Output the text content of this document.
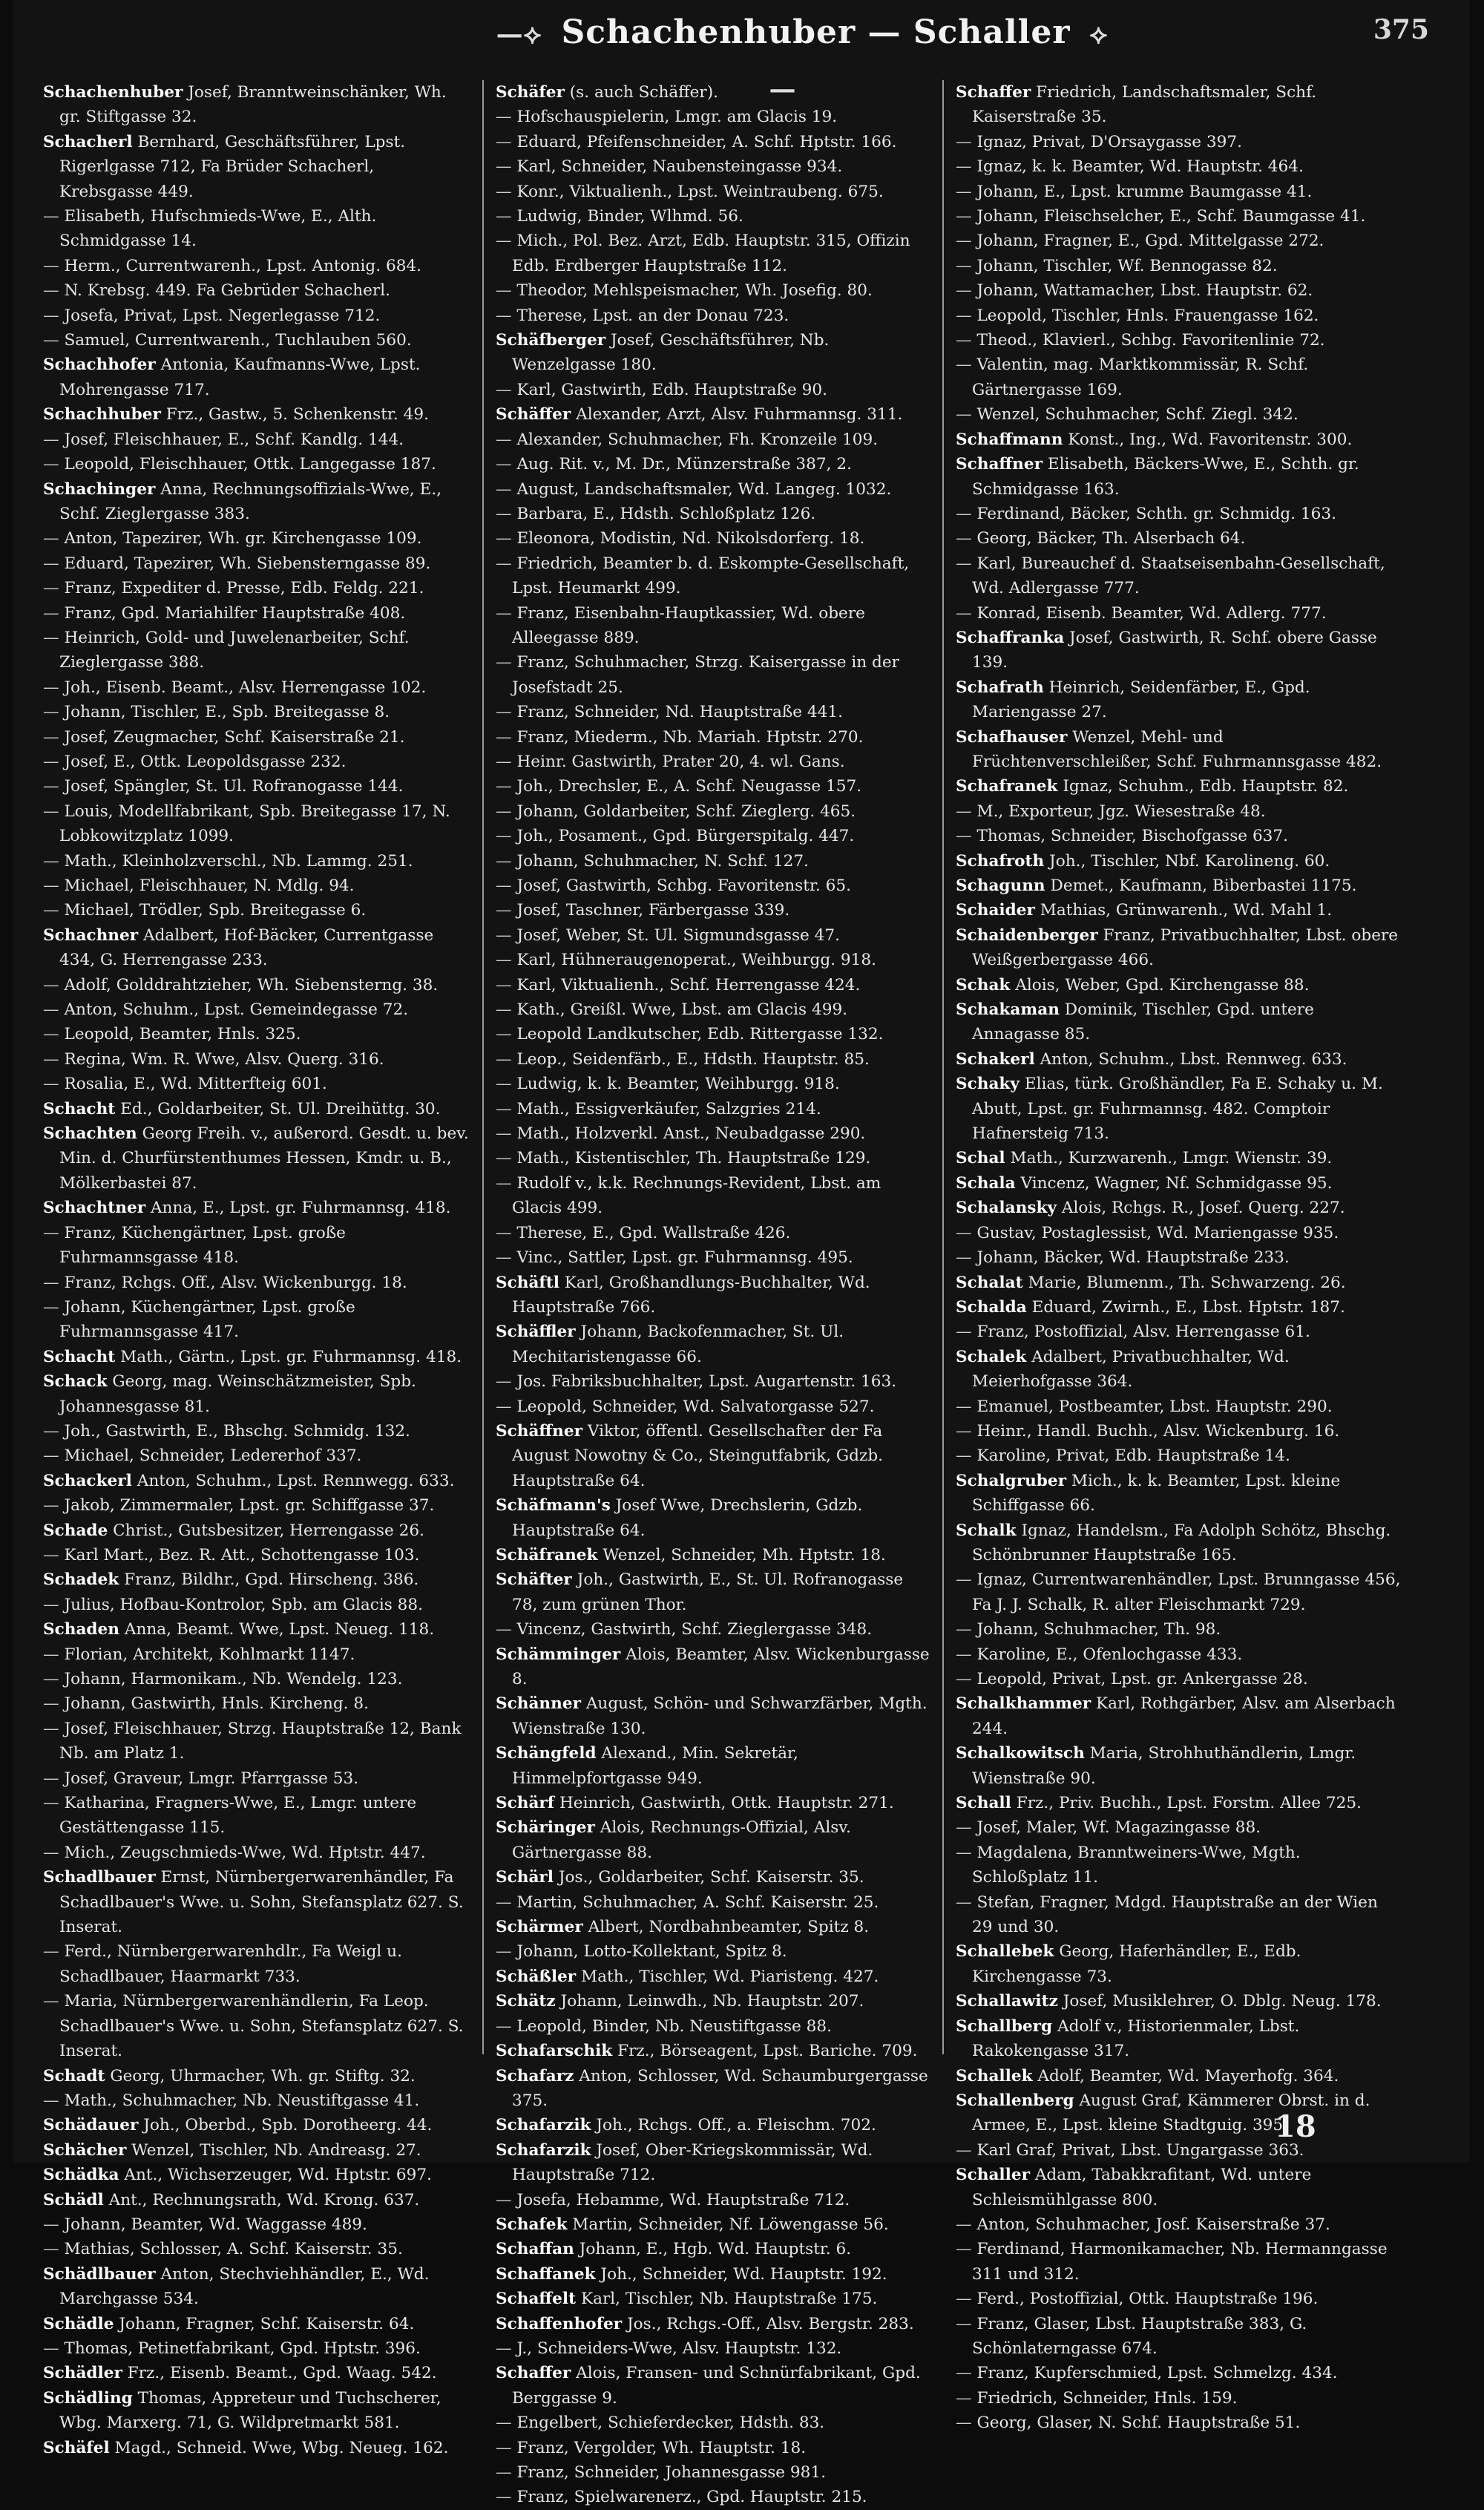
—⟡ Schachenhuber — Schaller ⟡—
375

Schachenhuber Josef, Branntweinschänker, Wh. gr. Stiftgasse 32.

Schacherl Bernhard, Geschäftsführer, Lpst. Rigerlgasse 712, Fa Brüder Schacherl, Krebsgasse 449.

— Elisabeth, Hufschmieds-Wwe, E., Alth. Schmidgasse 14.

— Herm., Currentwarenh., Lpst. Antonig. 684.

— N. Krebsg. 449. Fa Gebrüder Schacherl.

— Josefa, Privat, Lpst. Negerlegasse 712.

— Samuel, Currentwarenh., Tuchlauben 560.

Schachhofer Antonia, Kaufmanns-Wwe, Lpst. Mohrengasse 717.

Schachhuber Frz., Gastw., 5. Schenkenstr. 49.

— Josef, Fleischhauer, E., Schf. Kandlg. 144.

— Leopold, Fleischhauer, Ottk. Langegasse 187.

Schachinger Anna, Rechnungsoffizials-Wwe, E., Schf. Zieglergasse 383.

— Anton, Tapezirer, Wh. gr. Kirchengasse 109.

— Eduard, Tapezirer, Wh. Siebensterngasse 89.

— Franz, Expediter d. Presse, Edb. Feldg. 221.

— Franz, Gpd. Mariahilfer Hauptstraße 408.

— Heinrich, Gold- und Juwelenarbeiter, Schf. Zieglergasse 388.

— Joh., Eisenb. Beamt., Alsv. Herrengasse 102.

— Johann, Tischler, E., Spb. Breitegasse 8.

— Josef, Zeugmacher, Schf. Kaiserstraße 21.

— Josef, E., Ottk. Leopoldsgasse 232.

— Josef, Spängler, St. Ul. Rofranogasse 144.

— Louis, Modellfabrikant, Spb. Breitegasse 17, N. Lobkowitzplatz 1099.

— Math., Kleinholzverschl., Nb. Lammg. 251.

— Michael, Fleischhauer, N. Mdlg. 94.

— Michael, Trödler, Spb. Breitegasse 6.

Schachner Adalbert, Hof-Bäcker, Currentgasse 434, G. Herrengasse 233.

— Adolf, Golddrahtzieher, Wh. Siebensterng. 38.

— Anton, Schuhm., Lpst. Gemeindegasse 72.

— Leopold, Beamter, Hnls. 325.

— Regina, Wm. R. Wwe, Alsv. Querg. 316.

— Rosalia, E., Wd. Mitterfteig 601.

Schacht Ed., Goldarbeiter, St. Ul. Dreihüttg. 30.

Schachten Georg Freih. v., außerord. Gesdt. u. bev. Min. d. Churfürstenthumes Hessen, Kmdr. u. B., Mölkerbastei 87.

Schachtner Anna, E., Lpst. gr. Fuhrmannsg. 418.

— Franz, Küchengärtner, Lpst. große Fuhrmannsgasse 418.

— Franz, Rchgs. Off., Alsv. Wickenburgg. 18.

— Johann, Küchengärtner, Lpst. große Fuhrmannsgasse 417.

Schacht Math., Gärtn., Lpst. gr. Fuhrmannsg. 418.

Schack Georg, mag. Weinschätzmeister, Spb. Johannesgasse 81.

— Joh., Gastwirth, E., Bhschg. Schmidg. 132.

— Michael, Schneider, Ledererhof 337.

Schackerl Anton, Schuhm., Lpst. Rennwegg. 633.

— Jakob, Zimmermaler, Lpst. gr. Schiffgasse 37.

Schade Christ., Gutsbesitzer, Herrengasse 26.

— Karl Mart., Bez. R. Att., Schottengasse 103.

Schadek Franz, Bildhr., Gpd. Hirscheng. 386.

— Julius, Hofbau-Kontrolor, Spb. am Glacis 88.

Schaden Anna, Beamt. Wwe, Lpst. Neueg. 118.

— Florian, Architekt, Kohlmarkt 1147.

— Johann, Harmonikam., Nb. Wendelg. 123.

— Johann, Gastwirth, Hnls. Kircheng. 8.

— Josef, Fleischhauer, Strzg. Hauptstraße 12, Bank Nb. am Platz 1.

— Josef, Graveur, Lmgr. Pfarrgasse 53.

— Katharina, Fragners-Wwe, E., Lmgr. untere Gestättengasse 115.

— Mich., Zeugschmieds-Wwe, Wd. Hptstr. 447.

Schadlbauer Ernst, Nürnbergerwarenhändler, Fa Schadlbauer's Wwe. u. Sohn, Stefansplatz 627. S. Inserat.

— Ferd., Nürnbergerwarenhdlr., Fa Weigl u. Schadlbauer, Haarmarkt 733.

— Maria, Nürnbergerwarenhändlerin, Fa Leop. Schadlbauer's Wwe. u. Sohn, Stefansplatz 627. S. Inserat.

Schadt Georg, Uhrmacher, Wh. gr. Stiftg. 32.

— Math., Schuhmacher, Nb. Neustiftgasse 41.

Schädauer Joh., Oberbd., Spb. Dorotheerg. 44.

Schächer Wenzel, Tischler, Nb. Andreasg. 27.

Schädka Ant., Wichserzeuger, Wd. Hptstr. 697.

Schädl Ant., Rechnungsrath, Wd. Krong. 637.

— Johann, Beamter, Wd. Waggasse 489.

— Mathias, Schlosser, A. Schf. Kaiserstr. 35.

Schädlbauer Anton, Stechviehhändler, E., Wd. Marchgasse 534.

Schädle Johann, Fragner, Schf. Kaiserstr. 64.

— Thomas, Petinetfabrikant, Gpd. Hptstr. 396.

Schädler Frz., Eisenb. Beamt., Gpd. Waag. 542.

Schädling Thomas, Appreteur und Tuchscherer, Wbg. Marxerg. 71, G. Wildpretmarkt 581.

Schäfel Magd., Schneid. Wwe, Wbg. Neueg. 162.

Schäfer (s. auch Schäffer).

— Hofschauspielerin, Lmgr. am Glacis 19.

— Eduard, Pfeifenschneider, A. Schf. Hptstr. 166.

— Karl, Schneider, Naubensteingasse 934.

— Konr., Viktualienh., Lpst. Weintraubeng. 675.

— Ludwig, Binder, Wlhmd. 56.

— Mich., Pol. Bez. Arzt, Edb. Hauptstr. 315, Offizin Edb. Erdberger Hauptstraße 112.

— Theodor, Mehlspeismacher, Wh. Josefig. 80.

— Therese, Lpst. an der Donau 723.

Schäfberger Josef, Geschäftsführer, Nb. Wenzelgasse 180.

— Karl, Gastwirth, Edb. Hauptstraße 90.

Schäffer Alexander, Arzt, Alsv. Fuhrmannsg. 311.

— Alexander, Schuhmacher, Fh. Kronzeile 109.

— Aug. Rit. v., M. Dr., Münzerstraße 387, 2.

— August, Landschaftsmaler, Wd. Langeg. 1032.

— Barbara, E., Hdsth. Schloßplatz 126.

— Eleonora, Modistin, Nd. Nikolsdorferg. 18.

— Friedrich, Beamter b. d. Eskompte-Gesellschaft, Lpst. Heumarkt 499.

— Franz, Eisenbahn-Hauptkassier, Wd. obere Alleegasse 889.

— Franz, Schuhmacher, Strzg. Kaisergasse in der Josefstadt 25.

— Franz, Schneider, Nd. Hauptstraße 441.

— Franz, Miederm., Nb. Mariah. Hptstr. 270.

— Heinr. Gastwirth, Prater 20, 4. wl. Gans.

— Joh., Drechsler, E., A. Schf. Neugasse 157.

— Johann, Goldarbeiter, Schf. Zieglerg. 465.

— Joh., Posament., Gpd. Bürgerspitalg. 447.

— Johann, Schuhmacher, N. Schf. 127.

— Josef, Gastwirth, Schbg. Favoritenstr. 65.

— Josef, Taschner, Färbergasse 339.

— Josef, Weber, St. Ul. Sigmundsgasse 47.

— Karl, Hühneraugenoperat., Weihburgg. 918.

— Karl, Viktualienh., Schf. Herrengasse 424.

— Kath., Greißl. Wwe, Lbst. am Glacis 499.

— Leopold Landkutscher, Edb. Rittergasse 132.

— Leop., Seidenfärb., E., Hdsth. Hauptstr. 85.

— Ludwig, k. k. Beamter, Weihburgg. 918.

— Math., Essigverkäufer, Salzgries 214.

— Math., Holzverkl. Anst., Neubadgasse 290.

— Math., Kistentischler, Th. Hauptstraße 129.

— Rudolf v., k.k. Rechnungs-Revident, Lbst. am Glacis 499.

— Therese, E., Gpd. Wallstraße 426.

— Vinc., Sattler, Lpst. gr. Fuhrmannsg. 495.

Schäftl Karl, Großhandlungs-Buchhalter, Wd. Hauptstraße 766.

Schäffler Johann, Backofenmacher, St. Ul. Mechitaristengasse 66.

— Jos. Fabriksbuchhalter, Lpst. Augartenstr. 163.

— Leopold, Schneider, Wd. Salvatorgasse 527.

Schäffner Viktor, öffentl. Gesellschafter der Fa August Nowotny & Co., Steingutfabrik, Gdzb. Hauptstraße 64.

Schäfmann's Josef Wwe, Drechslerin, Gdzb. Hauptstraße 64.

Schäfranek Wenzel, Schneider, Mh. Hptstr. 18.

Schäfter Joh., Gastwirth, E., St. Ul. Rofranogasse 78, zum grünen Thor.

— Vincenz, Gastwirth, Schf. Zieglergasse 348.

Schämminger Alois, Beamter, Alsv. Wickenburgasse 8.

Schänner August, Schön- und Schwarzfärber, Mgth. Wienstraße 130.

Schängfeld Alexand., Min. Sekretär, Himmelpfortgasse 949.

Schärf Heinrich, Gastwirth, Ottk. Hauptstr. 271.

Schäringer Alois, Rechnungs-Offizial, Alsv. Gärtnergasse 88.

Schärl Jos., Goldarbeiter, Schf. Kaiserstr. 35.

— Martin, Schuhmacher, A. Schf. Kaiserstr. 25.

Schärmer Albert, Nordbahnbeamter, Spitz 8.

— Johann, Lotto-Kollektant, Spitz 8.

Schäßler Math., Tischler, Wd. Piaristeng. 427.

Schätz Johann, Leinwdh., Nb. Hauptstr. 207.

— Leopold, Binder, Nb. Neustiftgasse 88.

Schafarschik Frz., Börseagent, Lpst. Bariche. 709.

Schafarz Anton, Schlosser, Wd. Schaumburgergasse 375.

Schafarzik Joh., Rchgs. Off., a. Fleischm. 702.

Schafarzik Josef, Ober-Kriegskommissär, Wd. Hauptstraße 712.

— Josefa, Hebamme, Wd. Hauptstraße 712.

Schafek Martin, Schneider, Nf. Löwengasse 56.

Schaffan Johann, E., Hgb. Wd. Hauptstr. 6.

Schaffanek Joh., Schneider, Wd. Hauptstr. 192.

Schaffelt Karl, Tischler, Nb. Hauptstraße 175.

Schaffenhofer Jos., Rchgs.-Off., Alsv. Bergstr. 283.

— J., Schneiders-Wwe, Alsv. Hauptstr. 132.

Schaffer Alois, Fransen- und Schnürfabrikant, Gpd. Berggasse 9.

— Engelbert, Schieferdecker, Hdsth. 83.

— Franz, Vergolder, Wh. Hauptstr. 18.

— Franz, Schneider, Johannesgasse 981.

— Franz, Spielwarenerz., Gpd. Hauptstr. 215.

Schaffer Friedrich, Landschaftsmaler, Schf. Kaiserstraße 35.

— Ignaz, Privat, D'Orsaygasse 397.

— Ignaz, k. k. Beamter, Wd. Hauptstr. 464.

— Johann, E., Lpst. krumme Baumgasse 41.

— Johann, Fleischselcher, E., Schf. Baumgasse 41.

— Johann, Fragner, E., Gpd. Mittelgasse 272.

— Johann, Tischler, Wf. Bennogasse 82.

— Johann, Wattamacher, Lbst. Hauptstr. 62.

— Leopold, Tischler, Hnls. Frauengasse 162.

— Theod., Klavierl., Schbg. Favoritenlinie 72.

— Valentin, mag. Marktkommissär, R. Schf. Gärtnergasse 169.

— Wenzel, Schuhmacher, Schf. Ziegl. 342.

Schaffmann Konst., Ing., Wd. Favoritenstr. 300.

Schaffner Elisabeth, Bäckers-Wwe, E., Schth. gr. Schmidgasse 163.

— Ferdinand, Bäcker, Schth. gr. Schmidg. 163.

— Georg, Bäcker, Th. Alserbach 64.

— Karl, Bureauchef d. Staatseisenbahn-Gesellschaft, Wd. Adlergasse 777.

— Konrad, Eisenb. Beamter, Wd. Adlerg. 777.

Schaffranka Josef, Gastwirth, R. Schf. obere Gasse 139.

Schafrath Heinrich, Seidenfärber, E., Gpd. Mariengasse 27.

Schafhauser Wenzel, Mehl- und Früchtenverschleißer, Schf. Fuhrmannsgasse 482.

Schafranek Ignaz, Schuhm., Edb. Hauptstr. 82.

— M., Exporteur, Jgz. Wiesestraße 48.

— Thomas, Schneider, Bischofgasse 637.

Schafroth Joh., Tischler, Nbf. Karolineng. 60.

Schagunn Demet., Kaufmann, Biberbastei 1175.

Schaider Mathias, Grünwarenh., Wd. Mahl 1.

Schaidenberger Franz, Privatbuchhalter, Lbst. obere Weißgerbergasse 466.

Schak Alois, Weber, Gpd. Kirchengasse 88.

Schakaman Dominik, Tischler, Gpd. untere Annagasse 85.

Schakerl Anton, Schuhm., Lbst. Rennweg. 633.

Schaky Elias, türk. Großhändler, Fa E. Schaky u. M. Abutt, Lpst. gr. Fuhrmannsg. 482. Comptoir Hafnersteig 713.

Schal Math., Kurzwarenh., Lmgr. Wienstr. 39.

Schala Vincenz, Wagner, Nf. Schmidgasse 95.

Schalansky Alois, Rchgs. R., Josef. Querg. 227.

— Gustav, Postaglessist, Wd. Mariengasse 935.

— Johann, Bäcker, Wd. Hauptstraße 233.

Schalat Marie, Blumenm., Th. Schwarzeng. 26.

Schalda Eduard, Zwirnh., E., Lbst. Hptstr. 187.

— Franz, Postoffizial, Alsv. Herrengasse 61.

Schalek Adalbert, Privatbuchhalter, Wd. Meierhofgasse 364.

— Emanuel, Postbeamter, Lbst. Hauptstr. 290.

— Heinr., Handl. Buchh., Alsv. Wickenburg. 16.

— Karoline, Privat, Edb. Hauptstraße 14.

Schalgruber Mich., k. k. Beamter, Lpst. kleine Schiffgasse 66.

Schalk Ignaz, Handelsm., Fa Adolph Schötz, Bhschg. Schönbrunner Hauptstraße 165.

— Ignaz, Currentwarenhändler, Lpst. Brunngasse 456, Fa J. J. Schalk, R. alter Fleischmarkt 729.

— Johann, Schuhmacher, Th. 98.

— Karoline, E., Ofenlochgasse 433.

— Leopold, Privat, Lpst. gr. Ankergasse 28.

Schalkhammer Karl, Rothgärber, Alsv. am Alserbach 244.

Schalkowitsch Maria, Strohhuthändlerin, Lmgr. Wienstraße 90.

Schall Frz., Priv. Buchh., Lpst. Forstm. Allee 725.

— Josef, Maler, Wf. Magazingasse 88.

— Magdalena, Branntweiners-Wwe, Mgth. Schloßplatz 11.

— Stefan, Fragner, Mdgd. Hauptstraße an der Wien 29 und 30.

Schallebek Georg, Haferhändler, E., Edb. Kirchengasse 73.

Schallawitz Josef, Musiklehrer, O. Dblg. Neug. 178.

Schallberg Adolf v., Historienmaler, Lbst. Rakokengasse 317.

Schallek Adolf, Beamter, Wd. Mayerhofg. 364.

Schallenberg August Graf, Kämmerer Obrst. in d. Armee, E., Lpst. kleine Stadtguig. 395.

— Karl Graf, Privat, Lbst. Ungargasse 363.

Schaller Adam, Tabakkrafitant, Wd. untere Schleismühlgasse 800.

— Anton, Schuhmacher, Josf. Kaiserstraße 37.

— Ferdinand, Harmonikamacher, Nb. Hermanngasse 311 und 312.

— Ferd., Postoffizial, Ottk. Hauptstraße 196.

— Franz, Glaser, Lbst. Hauptstraße 383, G. Schönlaterngasse 674.

— Franz, Kupferschmied, Lpst. Schmelzg. 434.

— Friedrich, Schneider, Hnls. 159.

— Georg, Glaser, N. Schf. Hauptstraße 51.

18
